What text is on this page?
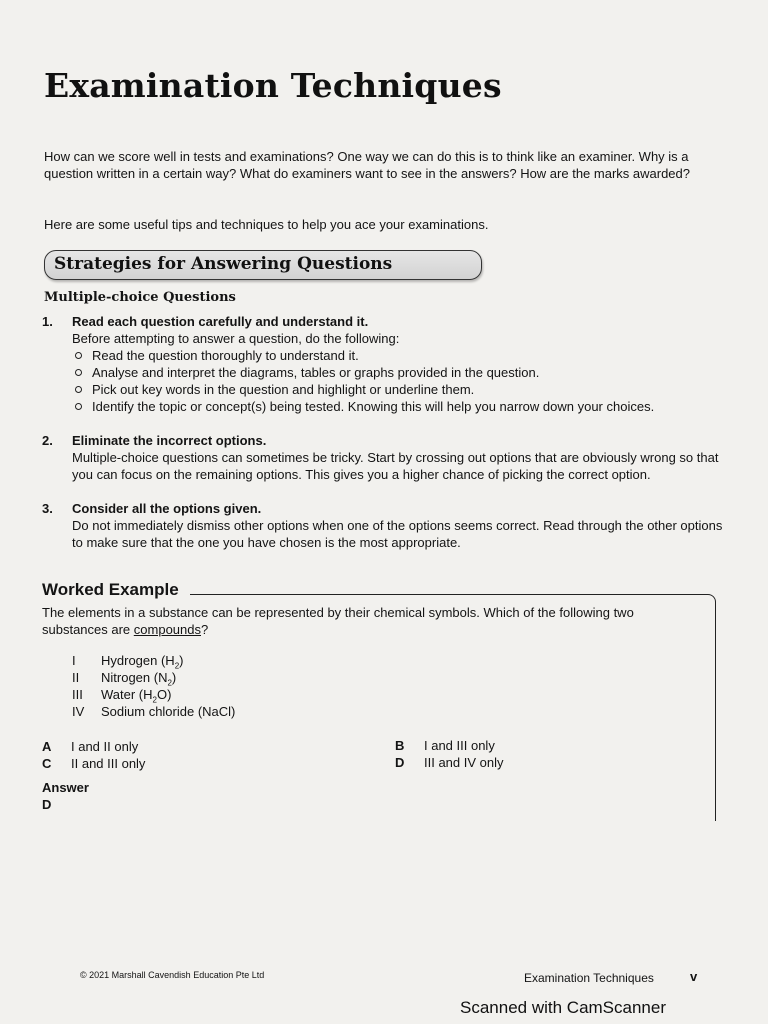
Examination Techniques
How can we score well in tests and examinations? One way we can do this is to think like an examiner. Why is a question written in a certain way? What do examiners want to see in the answers? How are the marks awarded?
Here are some useful tips and techniques to help you ace your examinations.
Strategies for Answering Questions
Multiple-choice Questions
1. Read each question carefully and understand it.
Before attempting to answer a question, do the following:
Read the question thoroughly to understand it.
Analyse and interpret the diagrams, tables or graphs provided in the question.
Pick out key words in the question and highlight or underline them.
Identify the topic or concept(s) being tested. Knowing this will help you narrow down your choices.
2. Eliminate the incorrect options.
Multiple-choice questions can sometimes be tricky. Start by crossing out options that are obviously wrong so that you can focus on the remaining options. This gives you a higher chance of picking the correct option.
3. Consider all the options given.
Do not immediately dismiss other options when one of the options seems correct. Read through the other options to make sure that the one you have chosen is the most appropriate.
Worked Example
The elements in a substance can be represented by their chemical symbols. Which of the following two substances are compounds?
I	Hydrogen $(H_2)$
II	Nitrogen $(N_2)$
III	Water $(H_2O)$
IV	Sodium chloride (NaCl)
A I and II only	B I and III only
C II and III only	D III and IV only
Answer
D
© 2021 Marshall Cavendish Education Pte Ltd	Examination Techniques	v
Scanned with CamScanner
